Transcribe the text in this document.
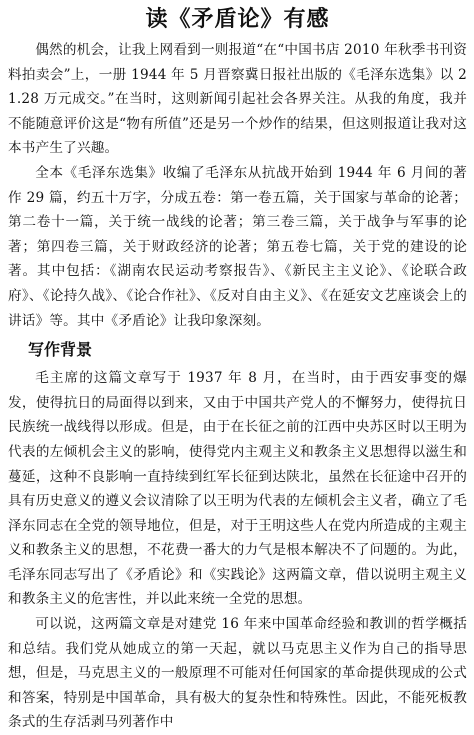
读《矛盾论》有感

偶然的机会，让我上网看到一则报道“在“中国书店 2010 年秋季书刊资料拍卖会”上，一册 1944 年 5 月晋察冀日报社出版的《毛泽东选集》以 21.28 万元成交。”在当时，这则新闻引起社会各界关注。从我的角度，我并不能随意评价这是“物有所值”还是另一个炒作的结果，但这则报道让我对这本书产生了兴趣。

全本《毛泽东选集》收编了毛泽东从抗战开始到 1944 年 6 月间的著作 29 篇，约五十万字，分成五卷：第一卷五篇，关于国家与革命的论著；第二卷十一篇，关于统一战线的论著；第三卷三篇，关于战争与军事的论著；第四卷三篇，关于财政经济的论著；第五卷七篇，关于党的建设的论著。其中包括：《湖南农民运动考察报告》、《新民主主义论》、《论联合政府》、《论持久战》、《论合作社》、《反对自由主义》、《在延安文艺座谈会上的讲话》等。其中《矛盾论》让我印象深刻。

写作背景

毛主席的这篇文章写于 1937 年 8 月，在当时，由于西安事变的爆发，使得抗日的局面得以到来，又由于中国共产党人的不懈努力，使得抗日民族统一战线得以形成。但是，由于在长征之前的江西中央苏区时以王明为代表的左倾机会主义的影响，使得党内主观主义和教条主义思想得以滋生和蔓延，这种不良影响一直持续到红军长征到达陕北，虽然在长征途中召开的具有历史意义的遵义会议清除了以王明为代表的左倾机会主义者，确立了毛泽东同志在全党的领导地位，但是，对于王明这些人在党内所造成的主观主义和教条主义的思想，不花费一番大的力气是根本解决不了问题的。为此，毛泽东同志写出了《矛盾论》和《实践论》这两篇文章，借以说明主观主义和教条主义的危害性，并以此来统一全党的思想。

可以说，这两篇文章是对建党 16 年来中国革命经验和教训的哲学概括和总结。我们党从她成立的第一天起，就以马克思主义作为自己的指导思想，但是，马克思主义的一般原理不可能对任何国家的革命提供现成的公式和答案，特别是中国革命，具有极大的复杂性和特殊性。因此，不能死板教条式的生存活剥马列著作中
